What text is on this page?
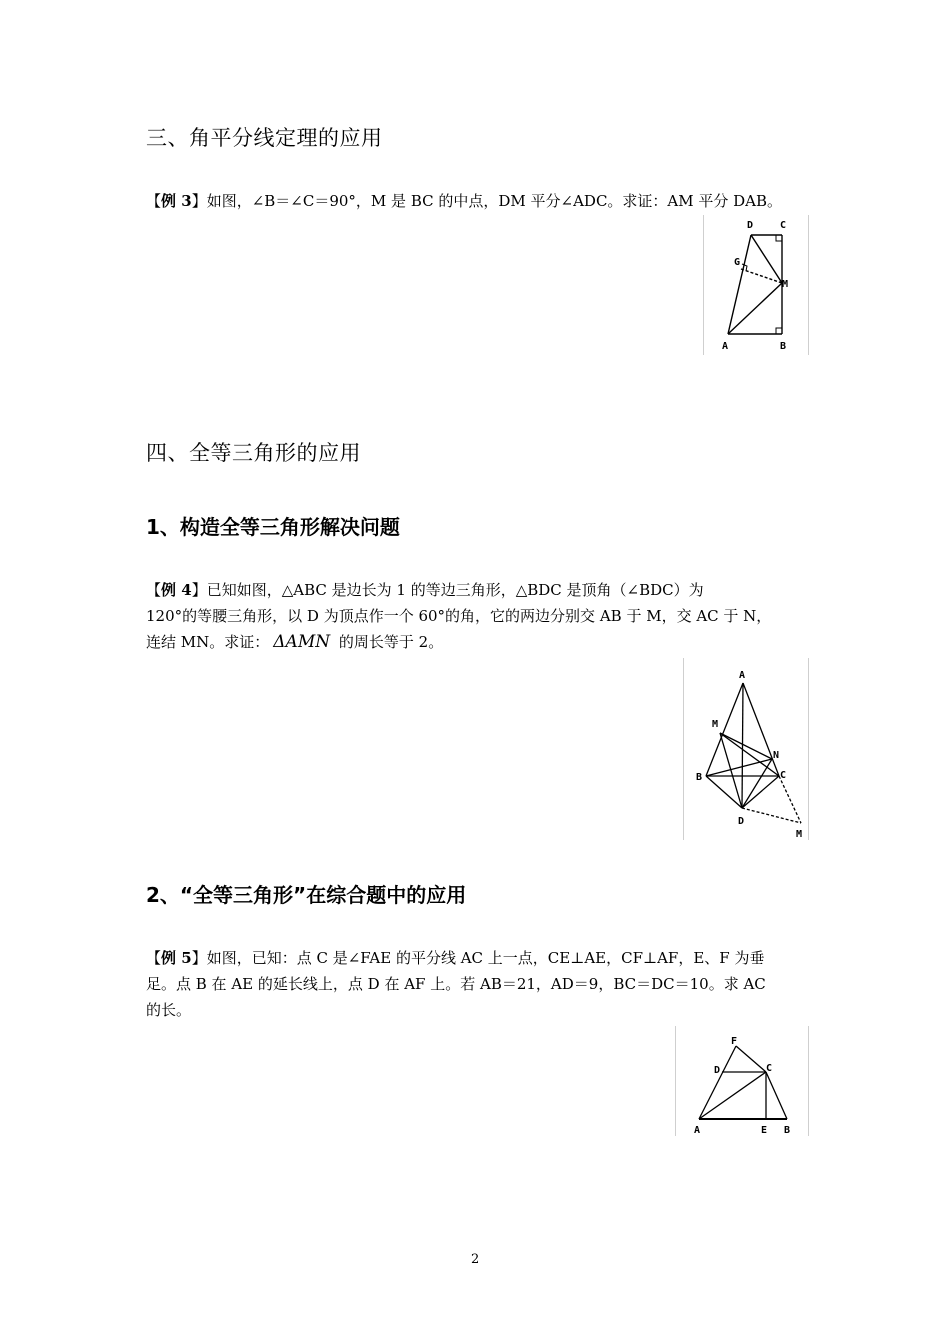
三、角平分线定理的应用
【例 3】如图，∠B＝∠C＝90°，M 是 BC 的中点，DM 平分∠ADC。求证：AM 平分 DAB。
D	C
G
M
A	B
四、全等三角形的应用
1、构造全等三角形解决问题
【例 4】已知如图，△ABC 是边长为 1 的等边三角形，△BDC 是顶角（∠BDC）为
120°的等腰三角形，以 D 为顶点作一个 60°的角，它的两边分别交 AB 于 M，交 AC 于 N，
连结 MN。求证： ΔAMN 的周长等于 2。
A
M
N
B	C
D
M
2、“全等三角形”在综合题中的应用
【例 5】如图，已知：点 C 是∠FAE 的平分线 AC 上一点，CE⊥AE，CF⊥AF，E、F 为垂
足。点 B 在 AE 的延长线上，点 D 在 AF 上。若 AB＝21，AD＝9，BC＝DC＝10。求 AC
的长。
F
D	C
A	E B
2
